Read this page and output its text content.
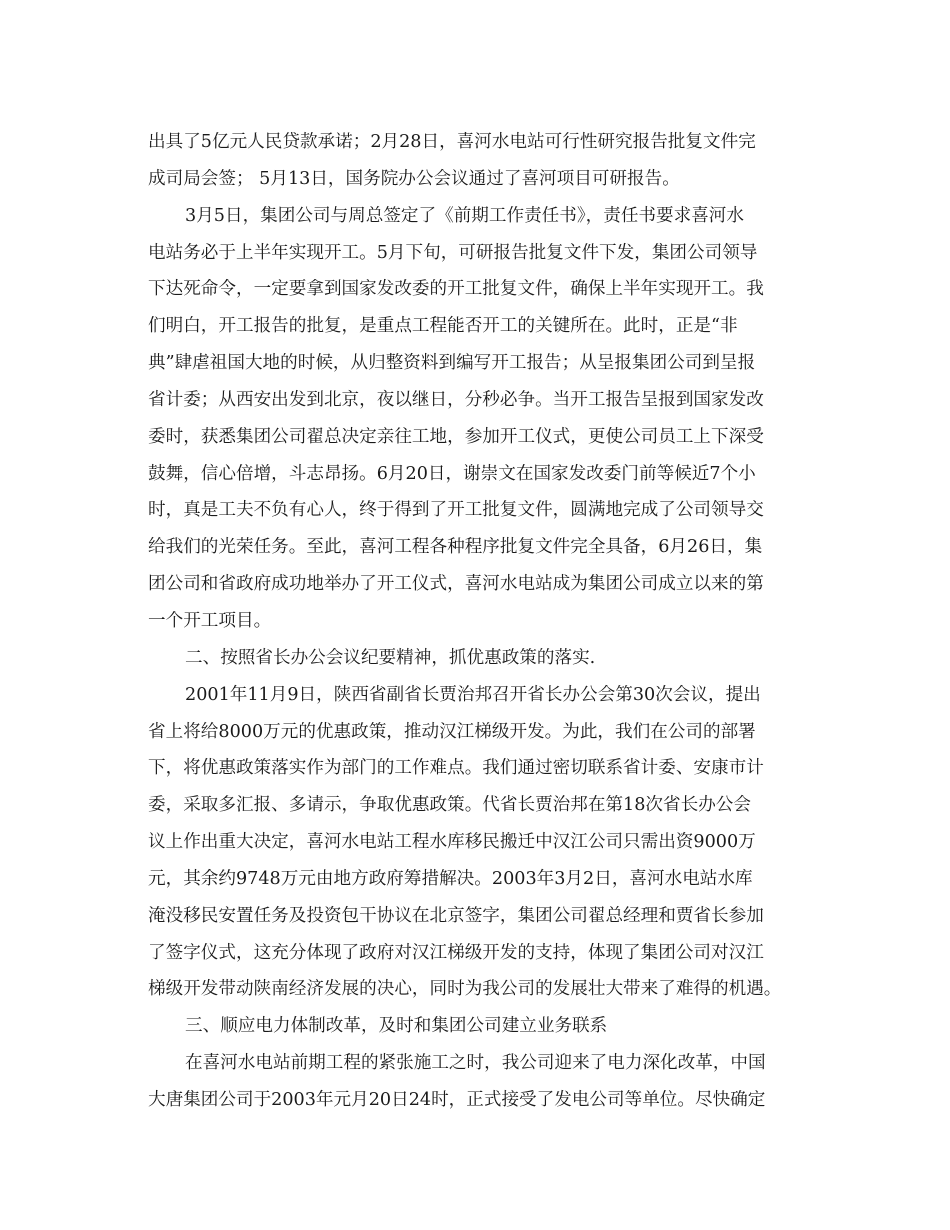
出具了5亿元人民贷款承诺；2月28日，喜河水电站可行性研究报告批复文件完
成司局会签； 5月13日，国务院办公会议通过了喜河项目可研报告。
3月5日，集团公司与周总签定了《前期工作责任书》，责任书要求喜河水
电站务必于上半年实现开工。5月下旬，可研报告批复文件下发，集团公司领导
下达死命令，一定要拿到国家发改委的开工批复文件，确保上半年实现开工。我
们明白，开工报告的批复，是重点工程能否开工的关键所在。此时，正是“非
典”肆虐祖国大地的时候，从归整资料到编写开工报告；从呈报集团公司到呈报
省计委；从西安出发到北京，夜以继日，分秒必争。当开工报告呈报到国家发改
委时，获悉集团公司翟总决定亲往工地，参加开工仪式，更使公司员工上下深受
鼓舞，信心倍增，斗志昂扬。6月20日，谢崇文在国家发改委门前等候近7个小
时，真是工夫不负有心人，终于得到了开工批复文件，圆满地完成了公司领导交
给我们的光荣任务。至此，喜河工程各种程序批复文件完全具备，6月26日，集
团公司和省政府成功地举办了开工仪式，喜河水电站成为集团公司成立以来的第
一个开工项目。
二、按照省长办公会议纪要精神，抓优惠政策的落实.
2001年11月9日，陕西省副省长贾治邦召开省长办公会第30次会议，提出
省上将给8000万元的优惠政策，推动汉江梯级开发。为此，我们在公司的部署
下，将优惠政策落实作为部门的工作难点。我们通过密切联系省计委、安康市计
委，采取多汇报、多请示，争取优惠政策。代省长贾治邦在第18次省长办公会
议上作出重大决定，喜河水电站工程水库移民搬迁中汉江公司只需出资9000万
元，其余约9748万元由地方政府筹措解决。2003年3月2日，喜河水电站水库
淹没移民安置任务及投资包干协议在北京签字，集团公司翟总经理和贾省长参加
了签字仪式，这充分体现了政府对汉江梯级开发的支持，体现了集团公司对汉江
梯级开发带动陕南经济发展的决心，同时为我公司的发展壮大带来了难得的机遇。
三、顺应电力体制改革，及时和集团公司建立业务联系
在喜河水电站前期工程的紧张施工之时，我公司迎来了电力深化改革，中国
大唐集团公司于2003年元月20日24时，正式接受了发电公司等单位。尽快确定
